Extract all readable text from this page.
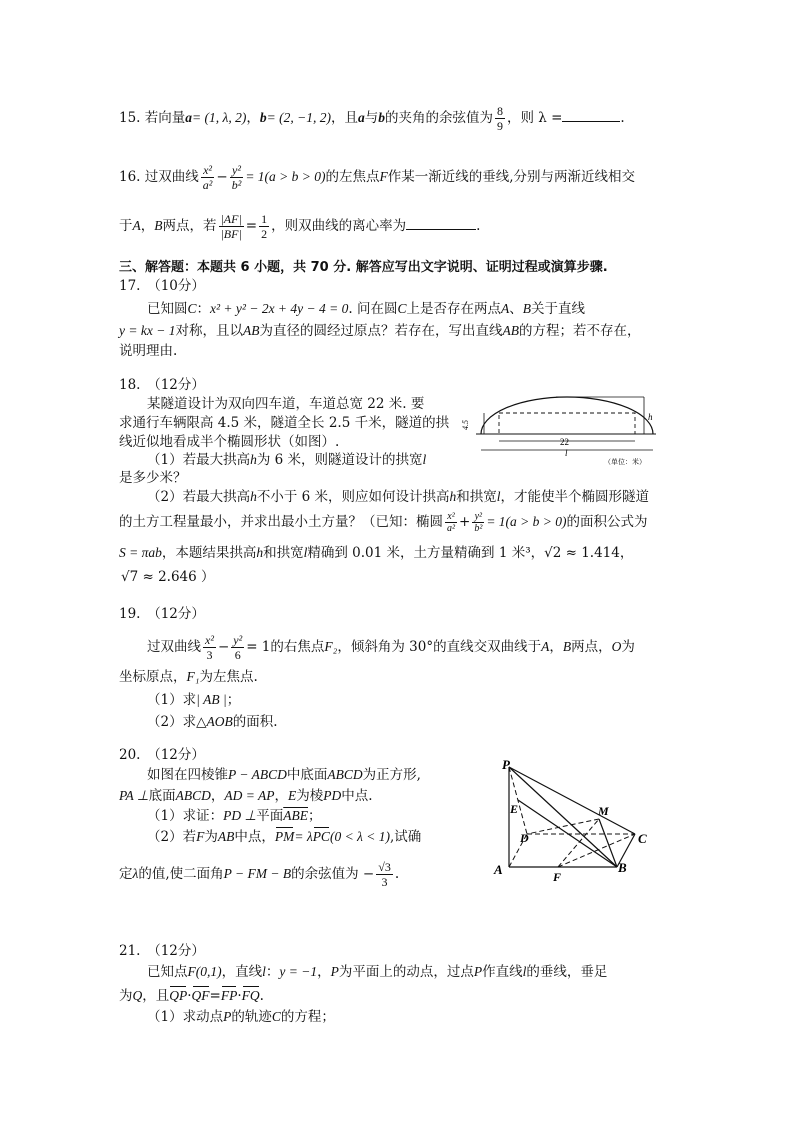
15. 若向量a= (1, λ, 2)，b= (2, −1, 2)，且a与b的夹角的余弦值为 $\frac{8}{9}$ ，则 λ =	.
16. 过双曲线 $\frac{\text{x²}}{\text{a²}} - \frac{\text{y²}}{\text{b²}} = 1(a > b > 0)$的左焦点F作某一渐近线的垂线,分别与两渐近线相交
于A，B两点，若 $\frac{|AF|}{|BF|} = \frac{1}{2}$ ，则双曲线的离心率为	.
三、解答题：本题共 6 小题，共 70 分. 解答应写出文字说明、证明过程或演算步骤.
17.　（10分）
已知圆C：x² + y² − 2x + 4y − 4 = 0. 问在圆C上是否存在两点A、B关于直线
y = kx − 1对称，且以AB为直径的圆经过原点？若存在，写出直线AB的方程；若不存在，
说明理由.
18.　（12分）
某隧道设计为双向四车道，车道总宽 22 米. 要
求通行车辆限高 4.5 米，隧道全长 2.5 千米，隧道的拱
线近似地看成半个椭圆形状（如图）.
（1）若最大拱高h为 6 米，则隧道设计的拱宽l
是多少米？
（2）若最大拱高h不小于 6 米，则应如何设计拱高h和拱宽l，才能使半个椭圆形隧道
的土方工程量最小，并求出最小土方量？（已知：椭圆 $\frac{\text{x²}}{\text{a²}} + \frac{\text{y²}}{\text{b²}} = 1(a > b > 0)$的面积公式为
S = πab，本题结果拱高h和拱宽l精确到 0.01 米，土方量精确到 1 米³，√2 ≈ 1.414，
√7 ≈ 2.646 ）
4.5
h
22
l
（单位：米）
19.　（12分）
过双曲线 $\frac{\text{x²}}{3} - \frac{\text{y²}}{6} = 1$的右焦点F₂，倾斜角为 30°的直线交双曲线于A，B两点，O为
坐标原点，F₁为左焦点.
（1）求| AB |；
（2）求△AOB的面积.
20.　（12分）
如图在四棱锥P − ABCD中底面ABCD为正方形,
PA ⊥底面ABCD，AD = AP，E为棱PD中点.
（1）求证：PD ⊥平面$\overline{ABE}$；
（2）若F为AB中点，PM= λPC(0 < λ < 1),试确
定λ的值,使二面角P − FM − B的余弦值为 − $\frac{√3}{3}$ .
P
E	M
D	C
A	F
B
21.　（12分）
已知点F(0,1)，直线l：y = −1，P为平面上的动点，过点P作直线l的垂线，垂足
为Q，且QP·QF=FP·FQ.
（1）求动点P的轨迹C的方程；
